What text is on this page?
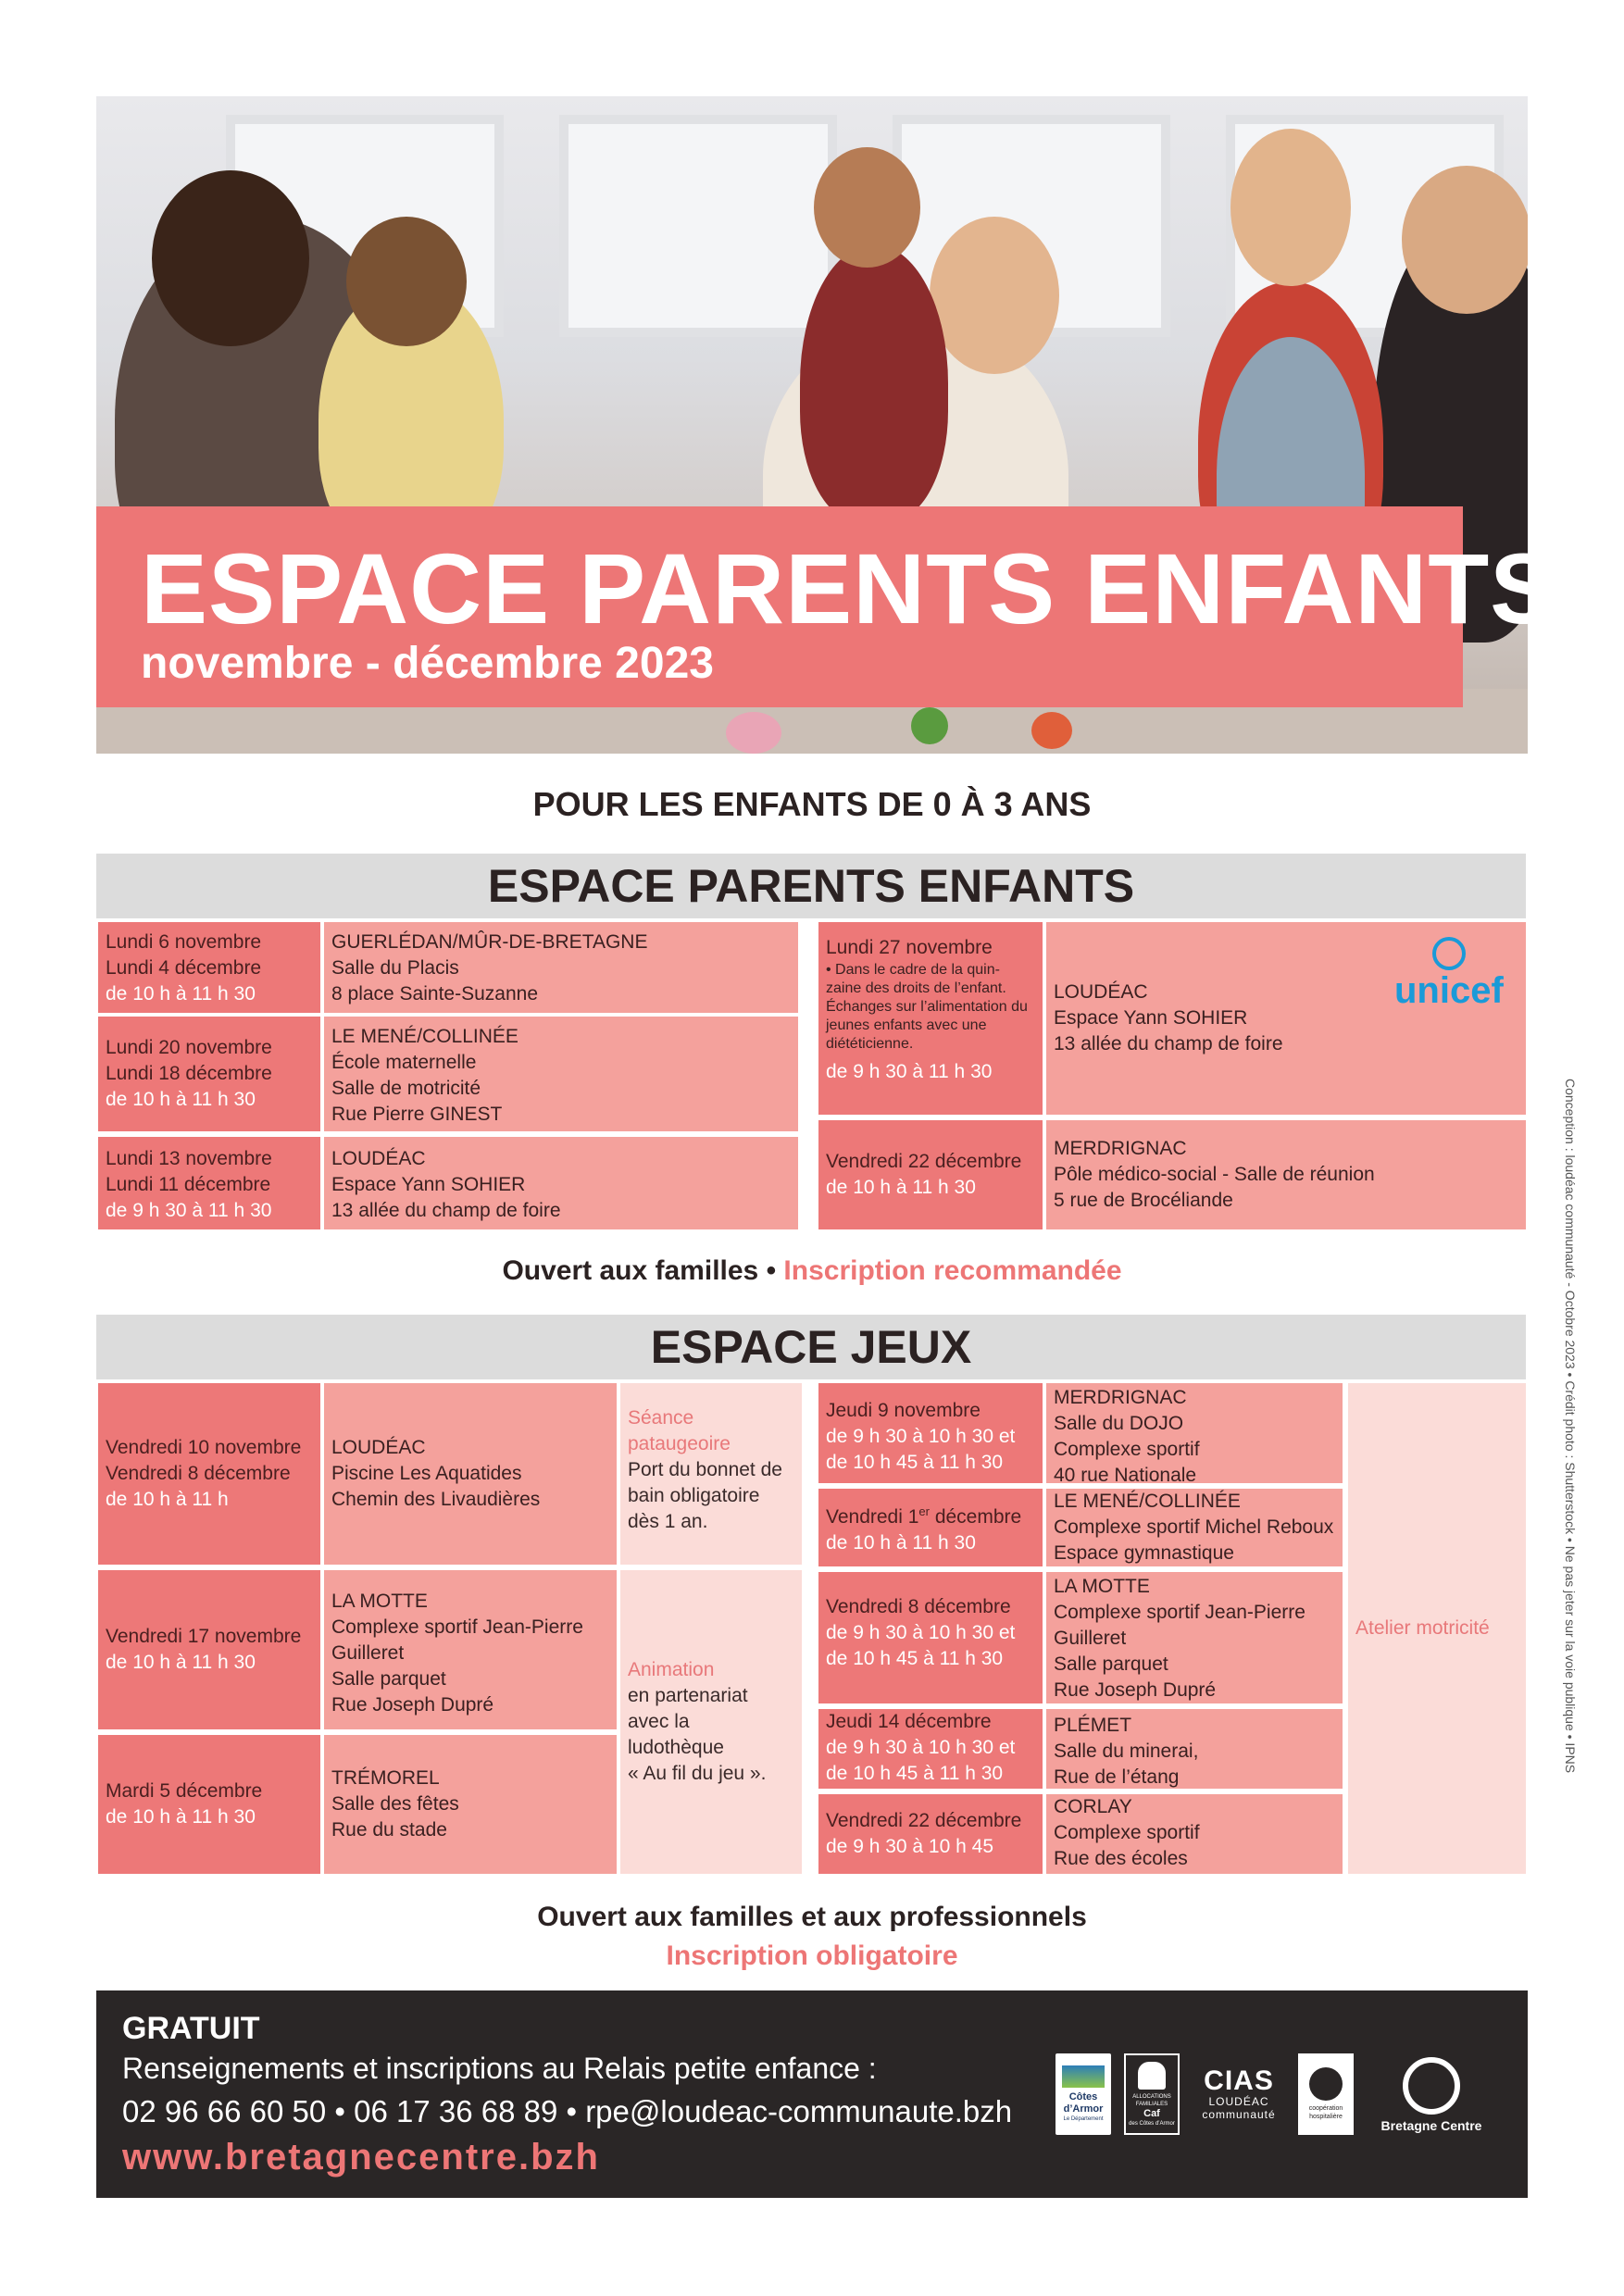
ESPACE PARENTS ENFANTS
novembre - décembre 2023
POUR LES ENFANTS DE 0 À 3 ANS
ESPACE PARENTS ENFANTS
Lundi 6 novembre
Lundi 4 décembre
de 10 h à 11 h 30
GUERLÉDAN/MÛR-DE-BRETAGNE
Salle du Placis
8 place Sainte-Suzanne
Lundi 20 novembre
Lundi 18 décembre
de 10 h à 11 h 30
LE MENÉ/COLLINÉE
École maternelle
Salle de motricité
Rue Pierre GINEST
Lundi 13 novembre
Lundi 11 décembre
de 9 h 30 à 11 h 30
LOUDÉAC
Espace Yann SOHIER
13 allée du champ de foire
Lundi 27 novembre
• Dans le cadre de la quin-zaine des droits de l’enfant. Échanges sur l’alimentation du jeunes enfants avec une diététicienne.
de 9 h 30 à 11 h 30
LOUDÉAC
Espace Yann SOHIER
13 allée du champ de foire
unicef
Vendredi 22 décembre
de 10 h à 11 h 30
MERDRIGNAC
Pôle médico-social - Salle de réunion
5 rue de Brocéliande
Ouvert aux familles • Inscription recommandée
ESPACE JEUX
Vendredi 10 novembre
Vendredi 8 décembre
de 10 h à 11 h
LOUDÉAC
Piscine Les Aquatides
Chemin des Livaudières
Séance
pataugeoire
Port du bonnet de
bain obligatoire
dès 1 an.
Vendredi 17 novembre
de 10 h à 11 h 30
LA MOTTE
Complexe sportif Jean-Pierre
Guilleret
Salle parquet
Rue Joseph Dupré
Mardi 5 décembre
de 10 h à 11 h 30
TRÉMOREL
Salle des fêtes
Rue du stade
Animation
en partenariat
avec la
ludothèque
« Au fil du jeu ».
Jeudi 9 novembre
de 9 h 30 à 10 h 30 et
de 10 h 45 à 11 h 30
MERDRIGNAC
Salle du DOJO
Complexe sportif
40 rue Nationale
Vendredi 1er décembre
de 10 h à 11 h 30
LE MENÉ/COLLINÉE
Complexe sportif Michel Reboux
Espace gymnastique
Vendredi 8 décembre
de 9 h 30 à 10 h 30 et
de 10 h 45 à 11 h 30
LA MOTTE
Complexe sportif Jean-Pierre
Guilleret
Salle parquet
Rue Joseph Dupré
Jeudi 14 décembre
de 9 h 30 à 10 h 30 et
de 10 h 45 à 11 h 30
PLÉMET
Salle du minerai,
Rue de l’étang
Vendredi 22 décembre
de 9 h 30 à 10 h 45
CORLAY
Complexe sportif
Rue des écoles
Atelier motricité
Ouvert aux familles et aux professionnels
Inscription obligatoire
Conception : loudéac communauté - Octobre 2023 • Crédit photo : Shutterstock • Ne pas jeter sur la voie publique • IPNS
GRATUIT
Renseignements et inscriptions au Relais petite enfance :
02 96 66 60 50 • 06 17 36 68 89 • rpe@loudeac-communaute.bzh
www.bretagnecentre.bzh
Côtes
d’Armor
Le Département
ALLOCATIONS FAMILIALES
Caf
des Côtes d’Armor
CIAS
LOUDÉAC
communauté	coopération
hospitalière
Bretagne Centre
